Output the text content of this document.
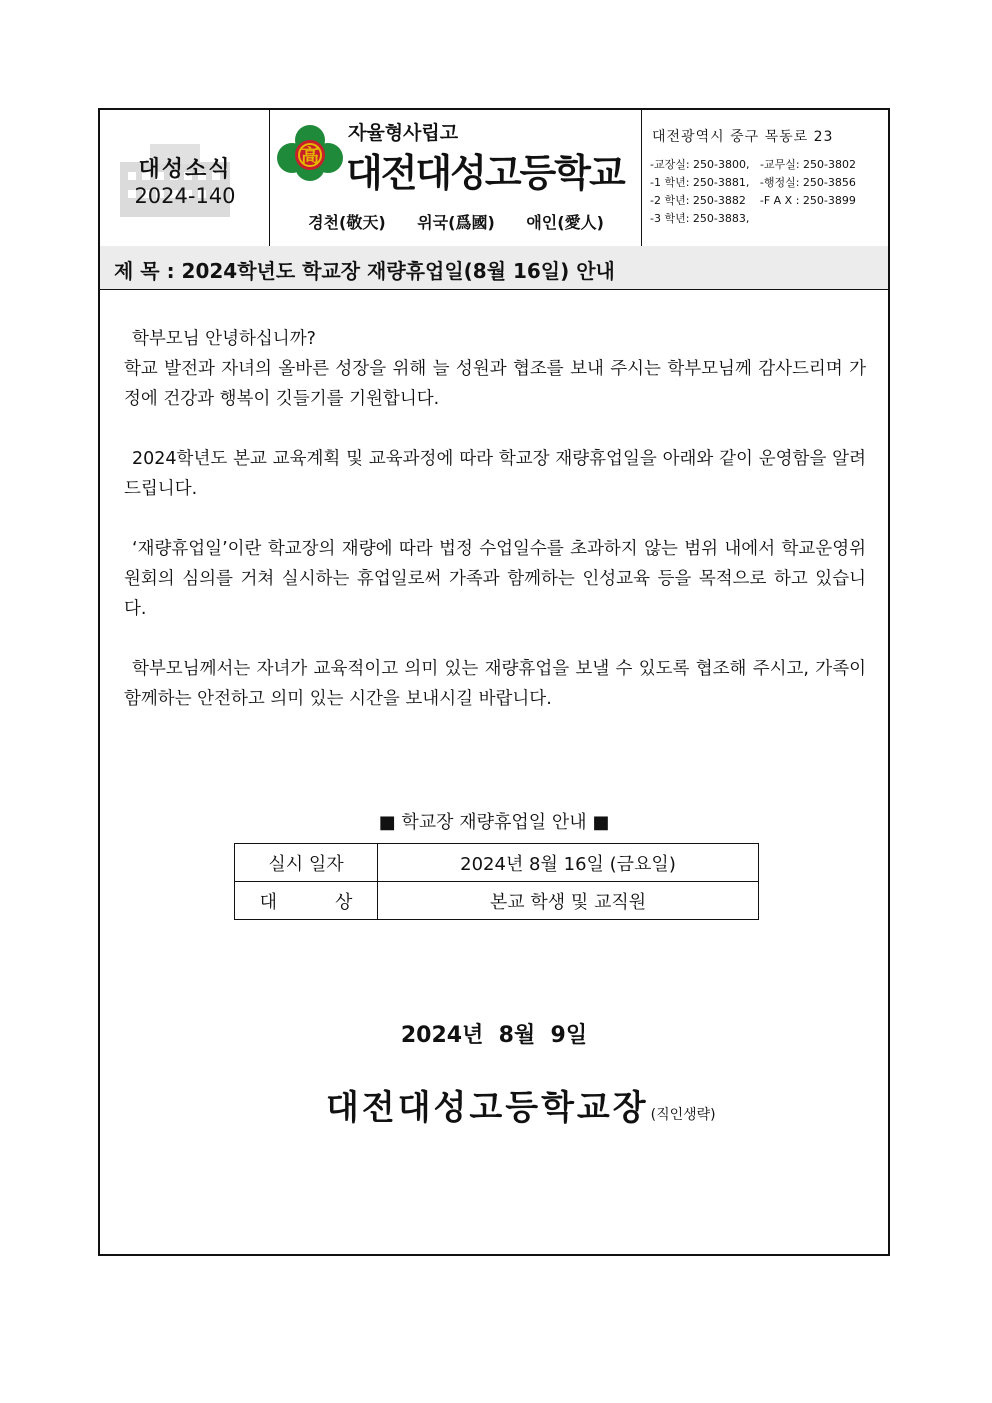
대성소식
2024-140
高
자율형사립고
대전대성고등학교
경천(敬天) 위국(爲國) 애인(愛人)
대전광역시 중구 목동로 23
-교장실: 250-3800,   -교무실: 250-3802
-1 학년: 250-3881,   -행정실: 250-3856
-2 학년: 250-3882    -F A X : 250-3899
-3 학년: 250-3883,
제 목 : 2024학년도 학교장 재량휴업일(8월 16일) 안내

학부모님 안녕하십니까?

학교 발전과 자녀의 올바른 성장을 위해 늘 성원과 협조를 보내 주시는 학부모님께 감사드리며 가정에 건강과 행복이 깃들기를 기원합니다.

2024학년도 본교 교육계획 및 교육과정에 따라 학교장 재량휴업일을 아래와 같이 운영함을 알려드립니다.

‘재량휴업일’이란 학교장의 재량에 따라 법정 수업일수를 초과하지 않는 범위 내에서 학교운영위원회의 심의를 거쳐 실시하는 휴업일로써 가족과 함께하는 인성교육 등을 목적으로 하고 있습니다.

학부모님께서는 자녀가 교육적이고 의미 있는 재량휴업을 보낼 수 있도록 협조해 주시고, 가족이 함께하는 안전하고 의미 있는 시간을 보내시길 바랍니다.

■ 학교장 재량휴업일 안내 ■
실시 일자	2024년 8월 16일 (금요일)
대 상	본교 학생 및 교직원
2024년  8월  9일
대전대성고등학교장 (직인생략)
